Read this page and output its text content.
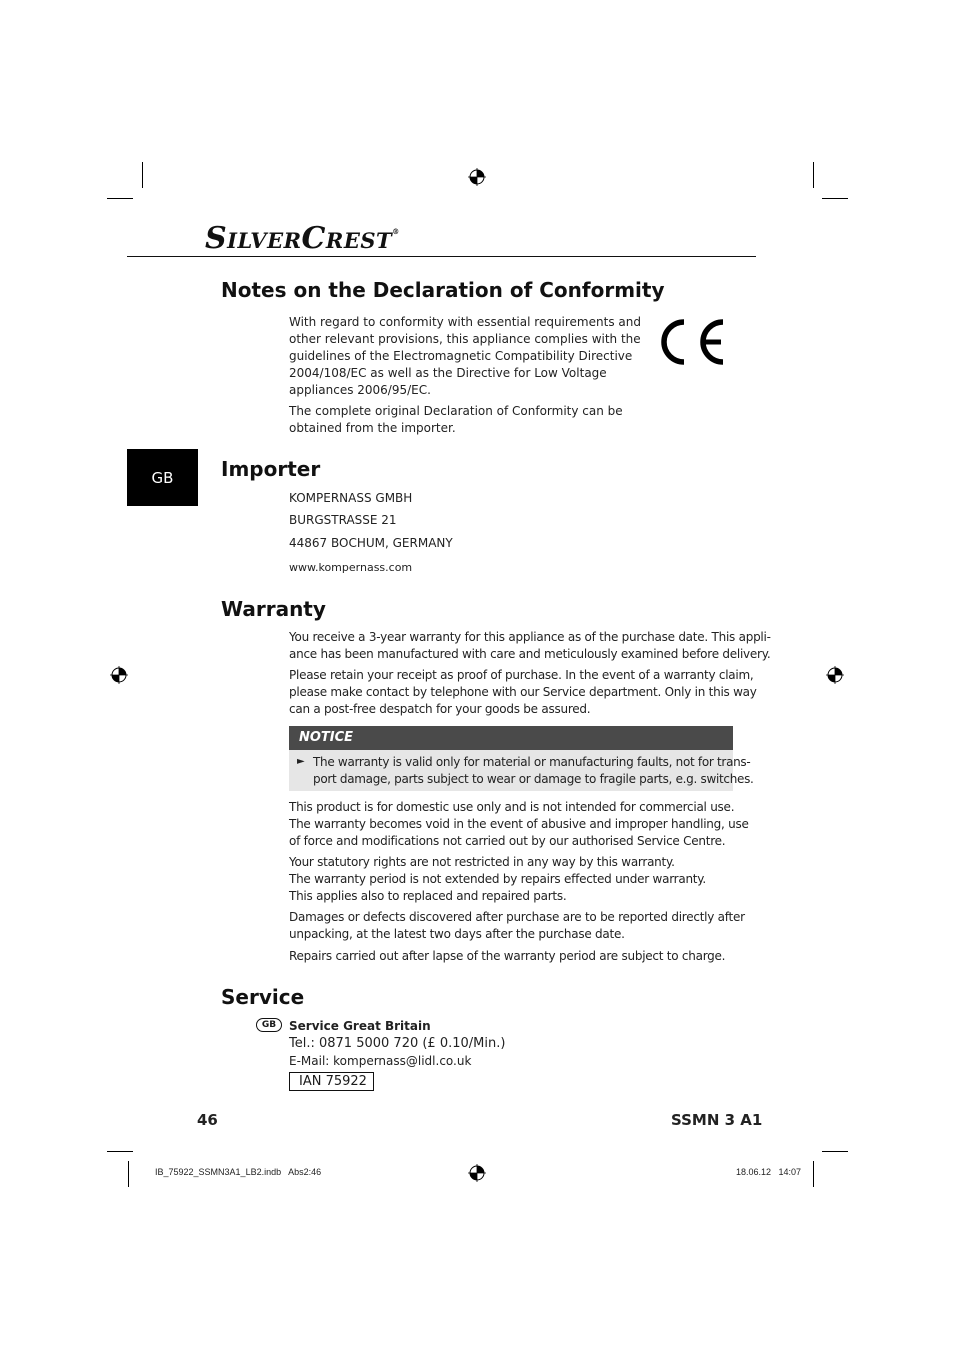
SILVERCREST®
Notes on the Declaration of Conformity
With regard to conformity with essential requirements and
other relevant provisions, this appliance complies with the
guidelines of the Electromagnetic Compatibility Directive
2004/108/EC as well as the Directive for Low Voltage
appliances 2006/95/EC.
The complete original Declaration of Conformity can be
obtained from the importer.
GB Importer
KOMPERNASS GMBH
BURGSTRASSE 21
44867 BOCHUM, GERMANY
www.kompernass.com
Warranty
You receive a 3-year warranty for this appliance as of the purchase date. This appli-
ance has been manufactured with care and meticulously examined before delivery.
Please retain your receipt as proof of purchase. In the event of a warranty claim,
please make contact by telephone with our Service department. Only in this way
can a post-free despatch for your goods be assured.
NOTICE
► The warranty is valid only for material or manufacturing faults, not for trans-
port damage, parts subject to wear or damage to fragile parts, e.g. switches.
This product is for domestic use only and is not intended for commercial use.
The warranty becomes void in the event of abusive and improper handling, use
of force and modifications not carried out by our authorised Service Centre.
Your statutory rights are not restricted in any way by this warranty.
The warranty period is not extended by repairs effected under warranty.
This applies also to replaced and repaired parts.
Damages or defects discovered after purchase are to be reported directly after
unpacking, at the latest two days after the purchase date.
Repairs carried out after lapse of the warranty period are subject to charge.
Service
GB	Service Great Britain
Tel.: 0871 5000 720 (£ 0.10/Min.)
E-Mail: kompernass@lidl.co.uk
IAN 75922
46	SSMN 3 A1
IB_75922_SSMN3A1_LB2.indb   Abs2:46	18.06.12   14:07
